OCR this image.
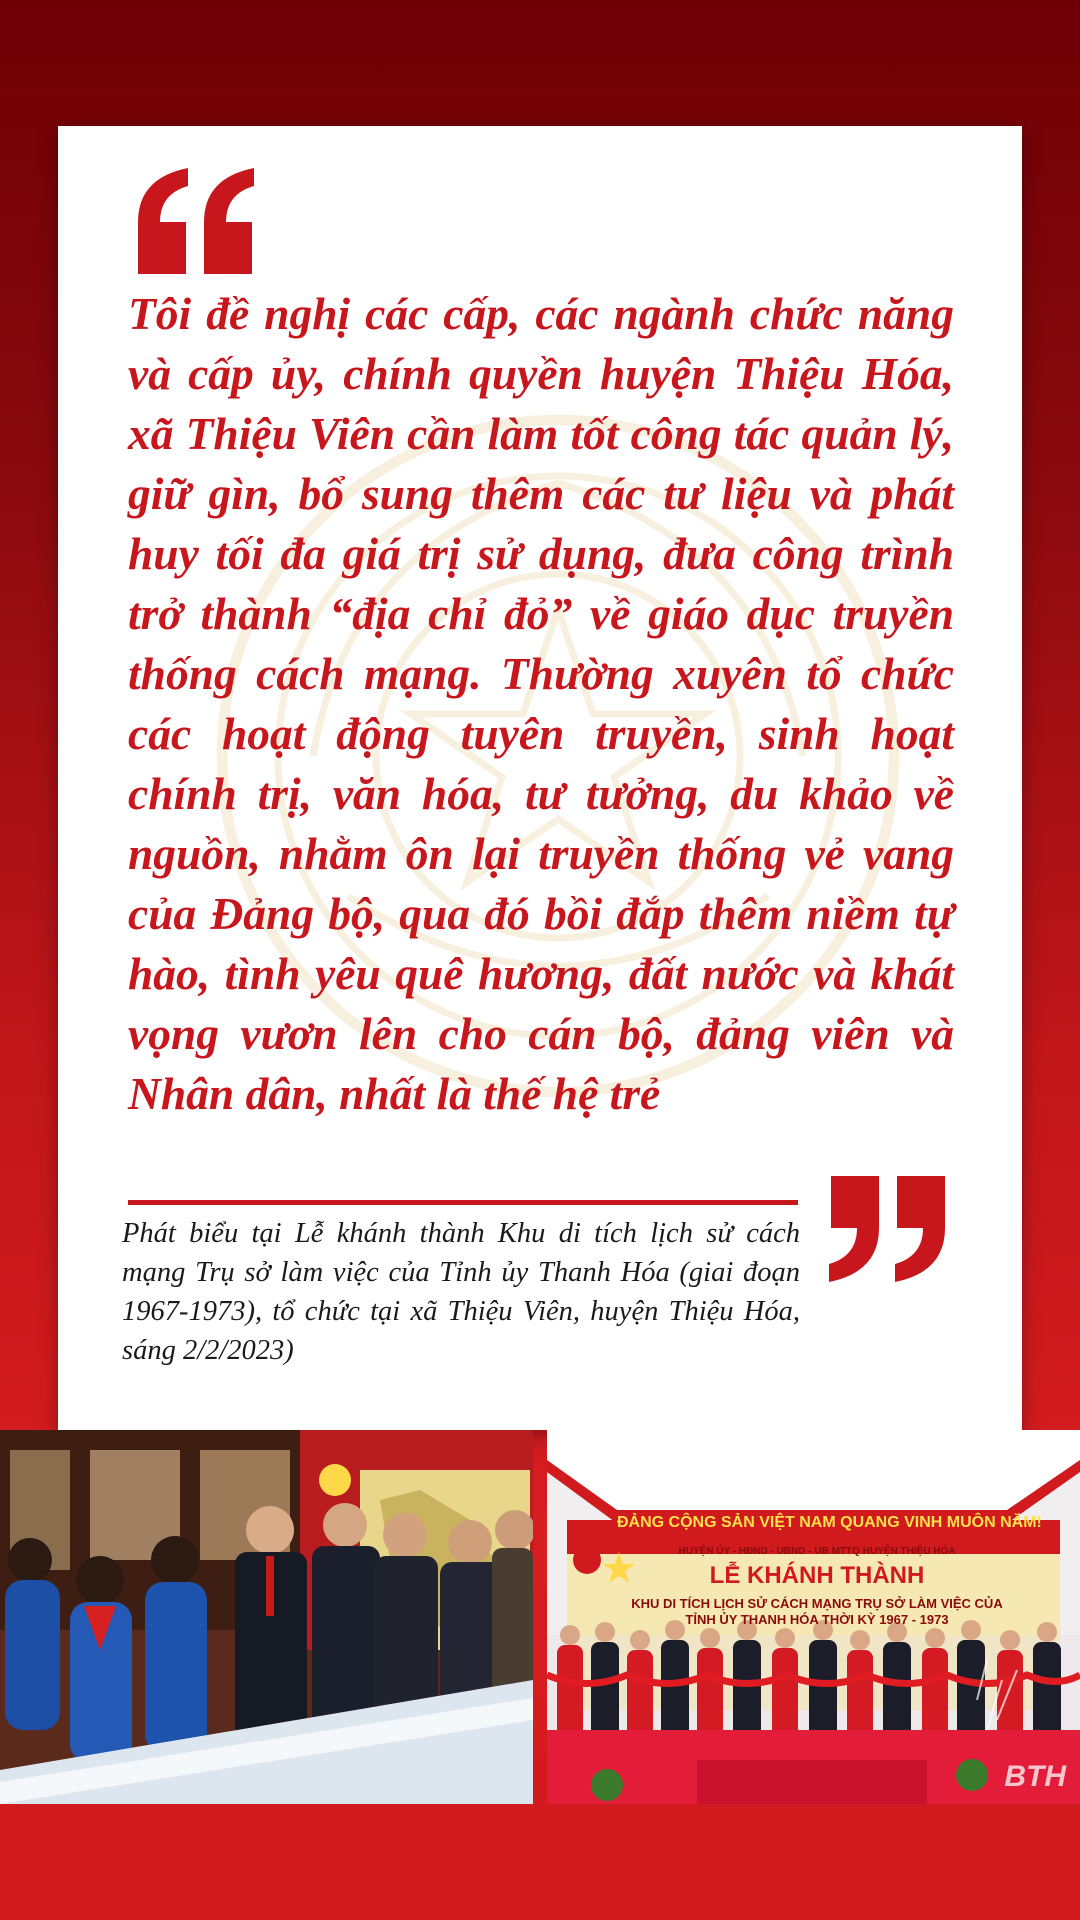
Tôi đề nghị các cấp, các ngành chức năng và cấp ủy, chính quyền huyện Thiệu Hóa, xã Thiệu Viên cần làm tốt công tác quản lý, giữ gìn, bổ sung thêm các tư liệu và phát huy tối đa giá trị sử dụng, đưa công trình trở thành “địa chỉ đỏ” về giáo dục truyền thống cách mạng. Thường xuyên tổ chức các hoạt động tuyên truyền, sinh hoạt chính trị, văn hóa, tư tưởng, du khảo về nguồn, nhằm ôn lại truyền thống vẻ vang của Đảng bộ, qua đó bồi đắp thêm niềm tự hào, tình yêu quê hương, đất nước và khát vọng vươn lên cho cán bộ, đảng viên và Nhân dân, nhất là thế hệ trẻ

Phát biểu tại Lễ khánh thành Khu di tích lịch sử cách mạng Trụ sở làm việc của Tỉnh ủy Thanh Hóa (giai đoạn 1967-1973), tổ chức tại xã Thiệu Viên, huyện Thiệu Hóa, sáng 2/2/2023)

ĐẢNG CỘNG SẢN VIỆT NAM QUANG VINH MUÔN NĂM!
HUYỆN ỦY - HĐND - UBND - UB MTTQ HUYỆN THIỆU HÓA
LỄ KHÁNH THÀNH
KHU DI TÍCH LỊCH SỬ CÁCH MẠNG TRỤ SỞ LÀM VIỆC CỦA TỈNH ỦY THANH HÓA THỜI KỲ 1967 - 1973
BTH
